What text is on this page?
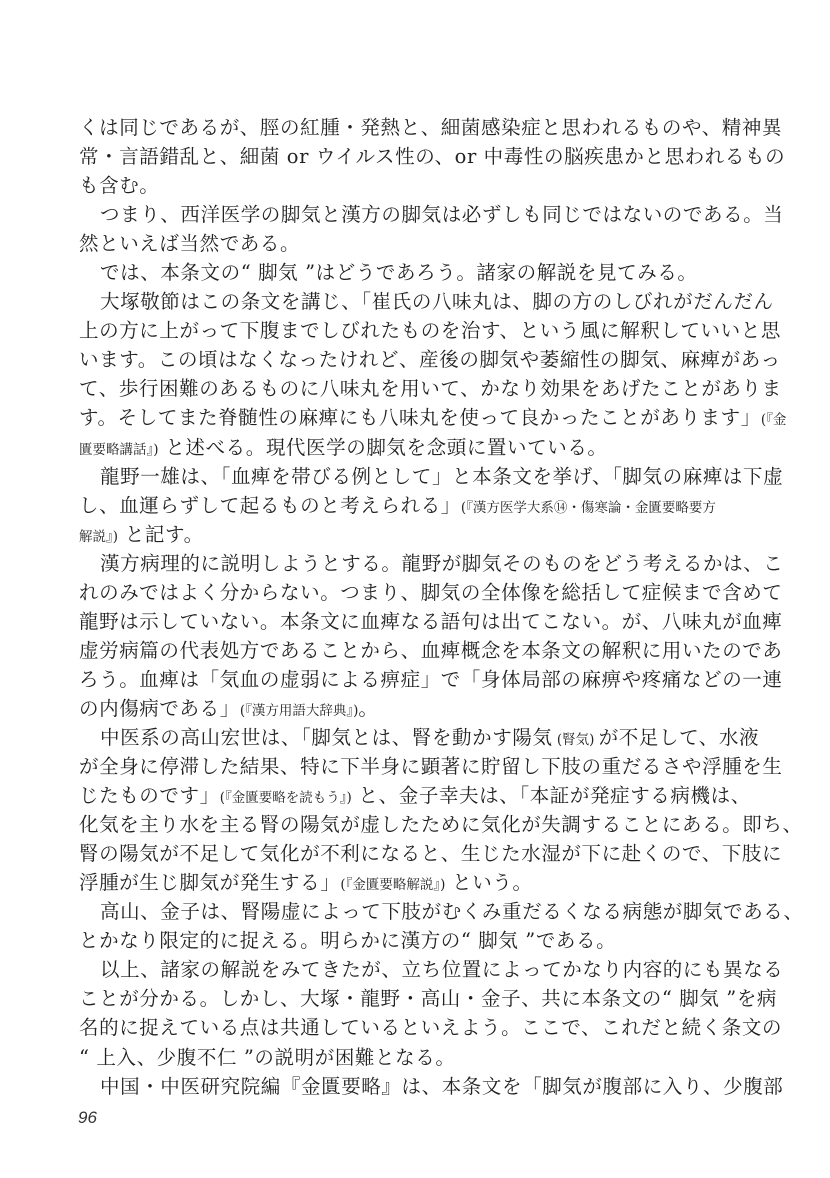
くは同じであるが、脛の紅腫・発熱と、細菌感染症と思われるものや、精神異
常・言語錯乱と、細菌 or ウイルス性の、or 中毒性の脳疾患かと思われるもの
も含む。
つまり、西洋医学の脚気と漢方の脚気は必ずしも同じではないのである。当
然といえば当然である。
では、本条文の“ 脚気 ”はどうであろう。諸家の解説を見てみる。
大塚敬節はこの条文を講じ、「崔氏の八味丸は、脚の方のしびれがだんだん
上の方に上がって下腹までしびれたものを治す、という風に解釈していいと思
います。この頃はなくなったけれど、産後の脚気や萎縮性の脚気、麻痺があっ
て、歩行困難のあるものに八味丸を用いて、かなり効果をあげたことがありま
す。そしてまた脊髄性の麻痺にも八味丸を使って良かったことがあります」(『金
匱要略講話』) と述べる。現代医学の脚気を念頭に置いている。
龍野一雄は、「血痺を帯びる例として」と本条文を挙げ、「脚気の麻痺は下虚
し、血運らずして起るものと考えられる」(『漢方医学大系⑭・傷寒論・金匱要略要方
解説』) と記す。
漢方病理的に説明しようとする。龍野が脚気そのものをどう考えるかは、こ
れのみではよく分からない。つまり、脚気の全体像を総括して症候まで含めて
龍野は示していない。本条文に血痺なる語句は出てこない。が、八味丸が血痺
虚労病篇の代表処方であることから、血痺概念を本条文の解釈に用いたのであ
ろう。血痺は「気血の虚弱による痹症」で「身体局部の麻痹や疼痛などの一連
の内傷病である」(『漢方用語大辞典』)。
中医系の高山宏世は、「脚気とは、腎を動かす陽気 (腎気) が不足して、水液
が全身に停滞した結果、特に下半身に顕著に貯留し下肢の重だるさや浮腫を生
じたものです」(『金匱要略を読もう』) と、金子幸夫は、「本証が発症する病機は、
化気を主り水を主る腎の陽気が虚したために気化が失調することにある。即ち、
腎の陽気が不足して気化が不利になると、生じた水湿が下に赴くので、下肢に
浮腫が生じ脚気が発生する」(『金匱要略解説』) という。
高山、金子は、腎陽虚によって下肢がむくみ重だるくなる病態が脚気である、
とかなり限定的に捉える。明らかに漢方の“ 脚気 ”である。
以上、諸家の解説をみてきたが、立ち位置によってかなり内容的にも異なる
ことが分かる。しかし、大塚・龍野・高山・金子、共に本条文の“ 脚気 ”を病
名的に捉えている点は共通しているといえよう。ここで、これだと続く条文の
“ 上入、少腹不仁 ”の説明が困難となる。
中国・中医研究院編『金匱要略』は、本条文を「脚気が腹部に入り、少腹部
96
